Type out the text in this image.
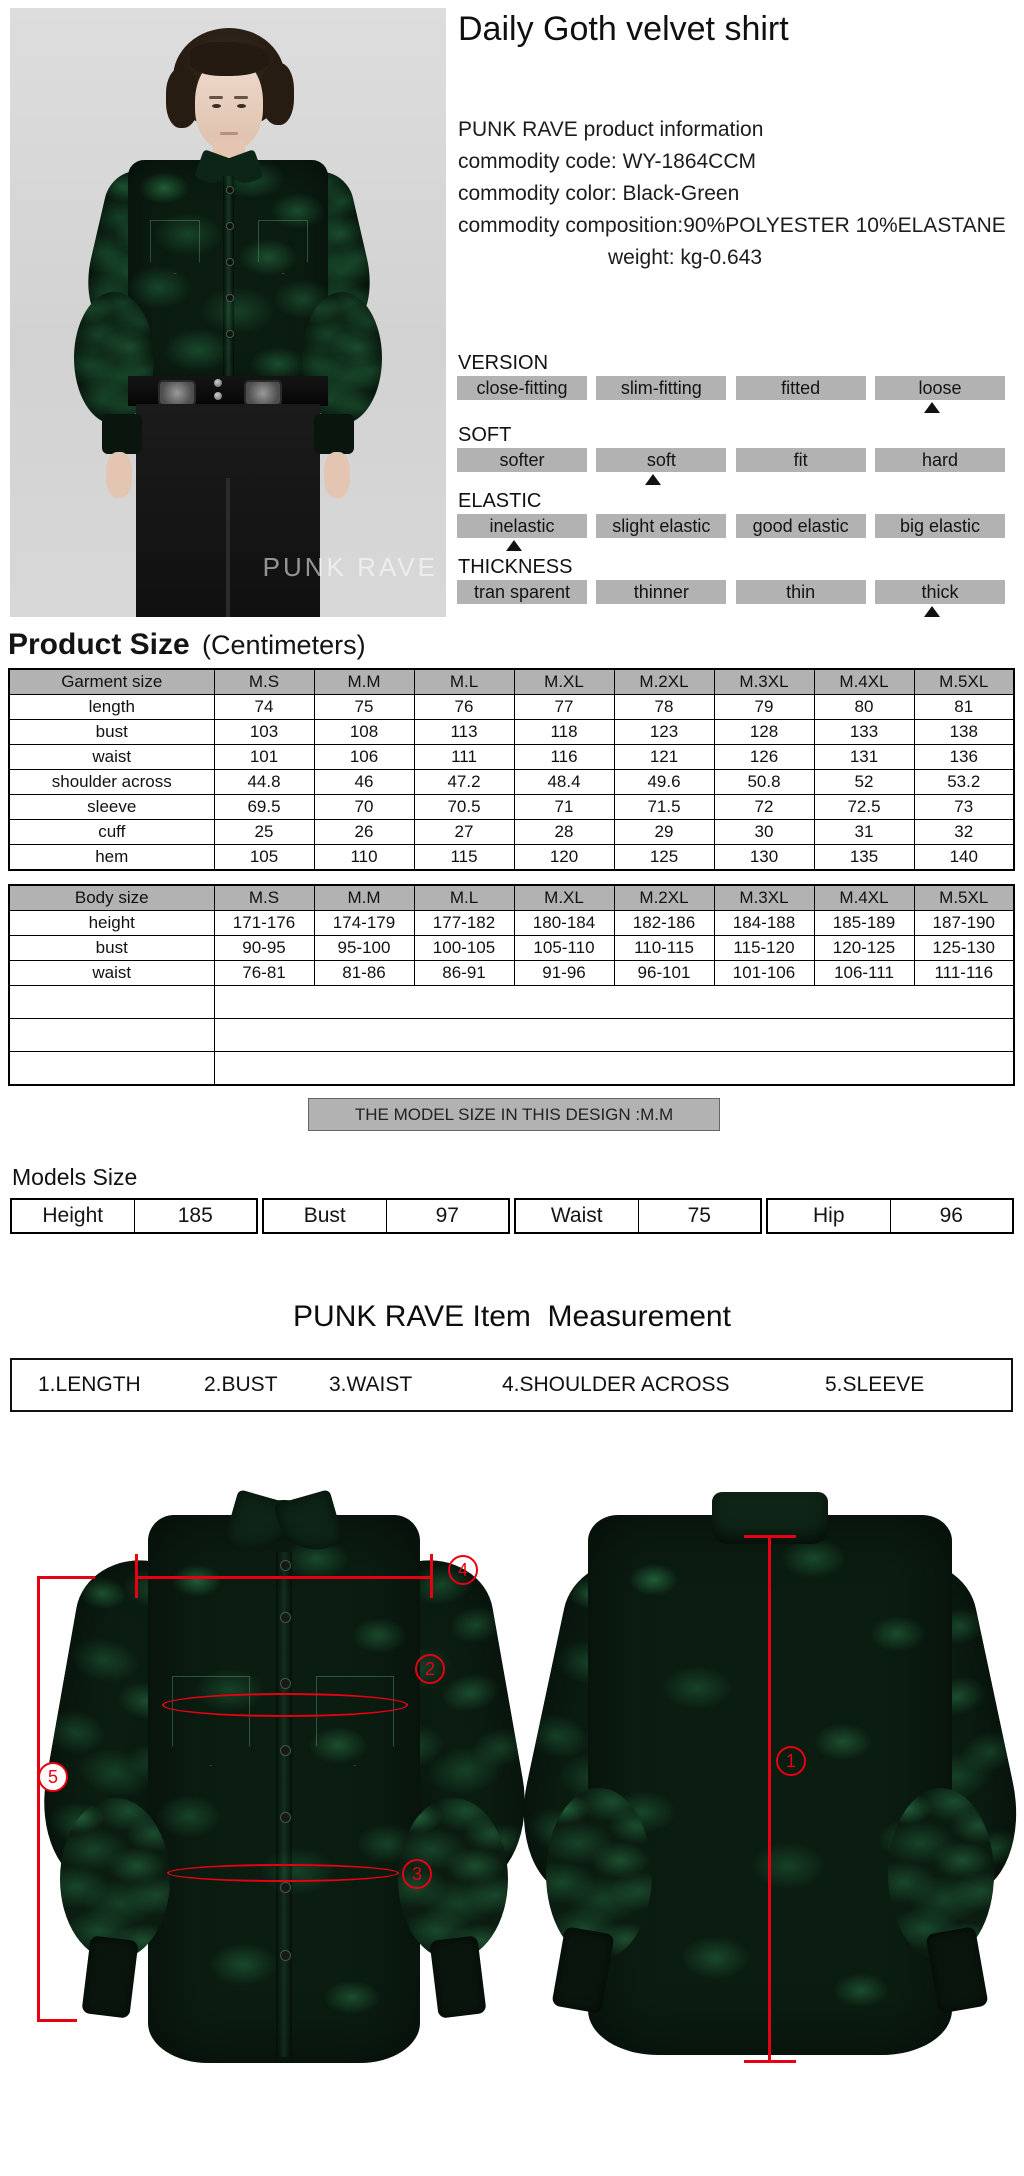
PUNK RAVE
Daily Goth velvet shirt
PUNK RAVE product information
commodity code: WY-1864CCM
commodity color: Black-Green
commodity composition:90%POLYESTER 10%ELASTANE
weight: kg-0.643
VERSION
close-fitting	slim-fitting	fitted	loose
SOFT
softer	soft	fit	hard
ELASTIC
inelastic	slight elastic	good elastic	big elastic
THICKNESS
tran sparent	thinner	thin	thick
Product Size (Centimeters)
Garment size	M.S	M.M	M.L	M.XL	M.2XL	M.3XL	M.4XL	M.5XL
length	74	75	76	77	78	79	80	81
bust	103	108	113	118	123	128	133	138
waist	101	106	111	116	121	126	131	136
shoulder across	44.8	46	47.2	48.4	49.6	50.8	52	53.2
sleeve	69.5	70	70.5	71	71.5	72	72.5	73
cuff	25	26	27	28	29	30	31	32
hem	105	110	115	120	125	130	135	140
Body size	M.S	M.M	M.L	M.XL	M.2XL	M.3XL	M.4XL	M.5XL
height	171-176	174-179	177-182	180-184	182-186	184-188	185-189	187-190
bust	90-95	95-100	100-105	105-110	110-115	115-120	120-125	125-130
waist	76-81	81-86	86-91	91-96	96-101	101-106	106-111	111-116

THE MODEL SIZE IN THIS DESIGN :M.M
Models Size
Height	185	Bust	97	Waist	75	Hip	96
PUNK RAVE Item  Measurement
1.LENGTH	2.BUST 3.WAIST	4.SHOULDER ACROSS	5.SLEEVE
4
5
2
3
1
